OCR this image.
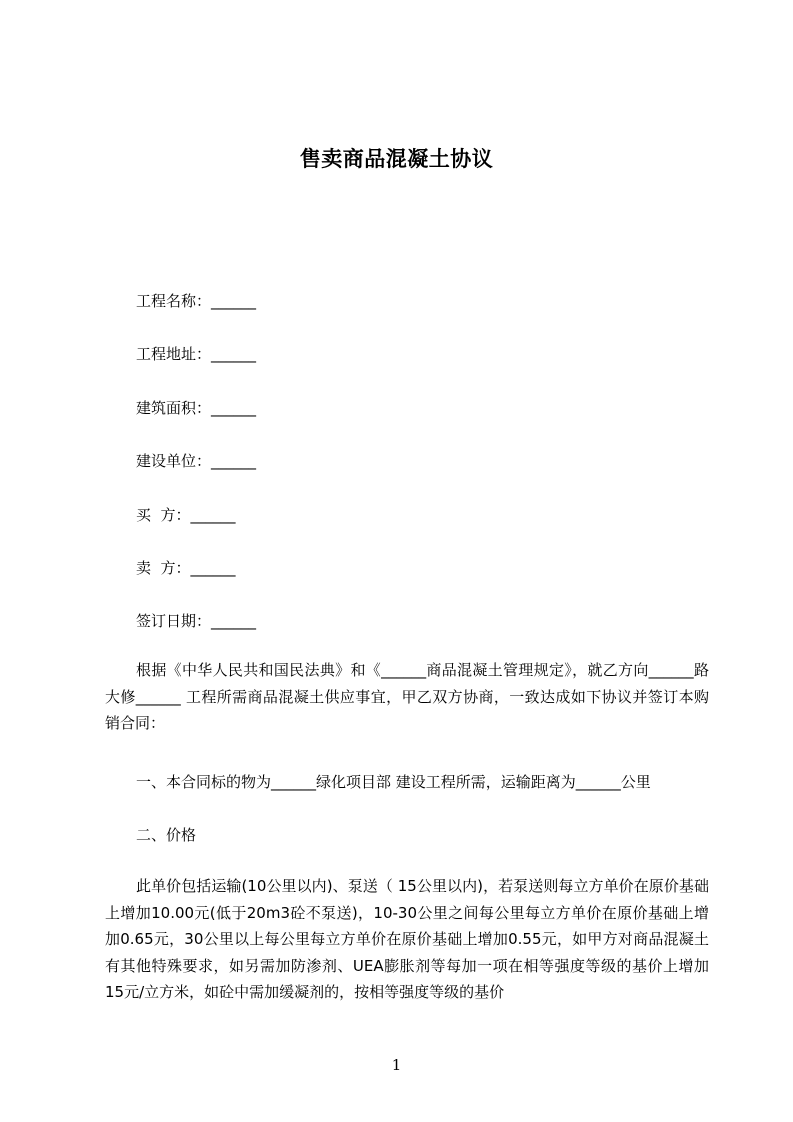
售卖商品混凝土协议
工程名称：______
工程地址：______
建筑面积：______
建设单位：______
买  方：______
卖  方：______
签订日期：______

根据《中华人民共和国民法典》和《______商品混凝土管理规定》，就乙方向______路大修______ 工程所需商品混凝土供应事宜，甲乙双方协商，一致达成如下协议并签订本购销合同：

一、本合同标的物为______绿化项目部 建设工程所需，运输距离为______公里
二、价格

此单价包括运输(10公里以内)、泵送（ 15公里以内)，若泵送则每立方单价在原价基础上增加10.00元(低于20m3砼不泵送)，10-30公里之间每公里每立方单价在原价基础上增加0.65元，30公里以上每公里每立方单价在原价基础上增加0.55元，如甲方对商品混凝土有其他特殊要求，如另需加防渗剂、UEA膨胀剂等每加一项在相等强度等级的基价上增加15元/立方米，如砼中需加缓凝剂的，按相等强度等级的基价

1
